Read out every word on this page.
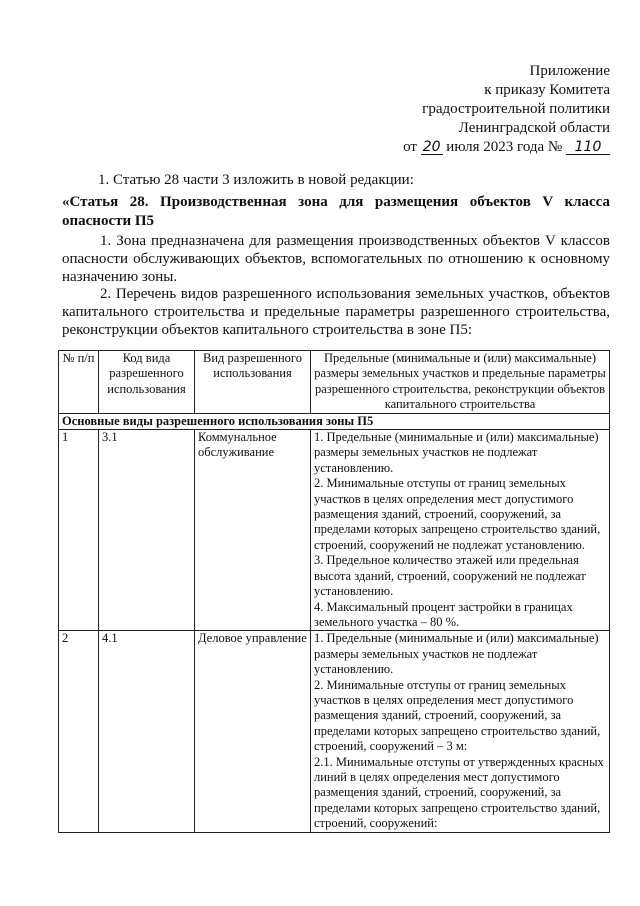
Приложение
к приказу Комитета
градостроительной политики
Ленинградской области
от 20 июля 2023 года № 110
1. Статью 28 части 3 изложить в новой редакции:
«Статья 28. Производственная зона для размещения объектов V класса опасности П5
1. Зона предназначена для размещения производственных объектов V классов опасности обслуживающих объектов, вспомогательных по отношению к основному назначению зоны.
2. Перечень видов разрешенного использования земельных участков, объектов капитального строительства и предельные параметры разрешенного строительства, реконструкции объектов капитального строительства в зоне П5:
№ п/п	Код вида разрешенного использования	Вид разрешенного использования	Предельные (минимальные и (или) максимальные) размеры земельных участков и предельные параметры разрешенного строительства, реконструкции объектов капитального строительства
Основные виды разрешенного использования зоны П5			
1	3.1	Коммунальное обслуживание	1. Предельные (минимальные и (или) максимальные) размеры земельных участков не подлежат установлению.
2. Минимальные отступы от границ земельных участков в целях определения мест допустимого размещения зданий, строений, сооружений, за пределами которых запрещено строительство зданий, строений, сооружений не подлежат установлению.
3. Предельное количество этажей или предельная высота зданий, строений, сооружений не подлежат установлению.
4. Максимальный процент застройки в границах земельного участка – 80 %.

2	4.1	Деловое управление	1. Предельные (минимальные и (или) максимальные) размеры земельных участков не подлежат установлению.
2. Минимальные отступы от границ земельных участков в целях определения мест допустимого размещения зданий, строений, сооружений, за пределами которых запрещено строительство зданий, строений, сооружений – 3 м:
2.1. Минимальные отступы от утвержденных красных линий в целях определения мест допустимого размещения зданий, строений, сооружений, за пределами которых запрещено строительство зданий, строений, сооружений:
